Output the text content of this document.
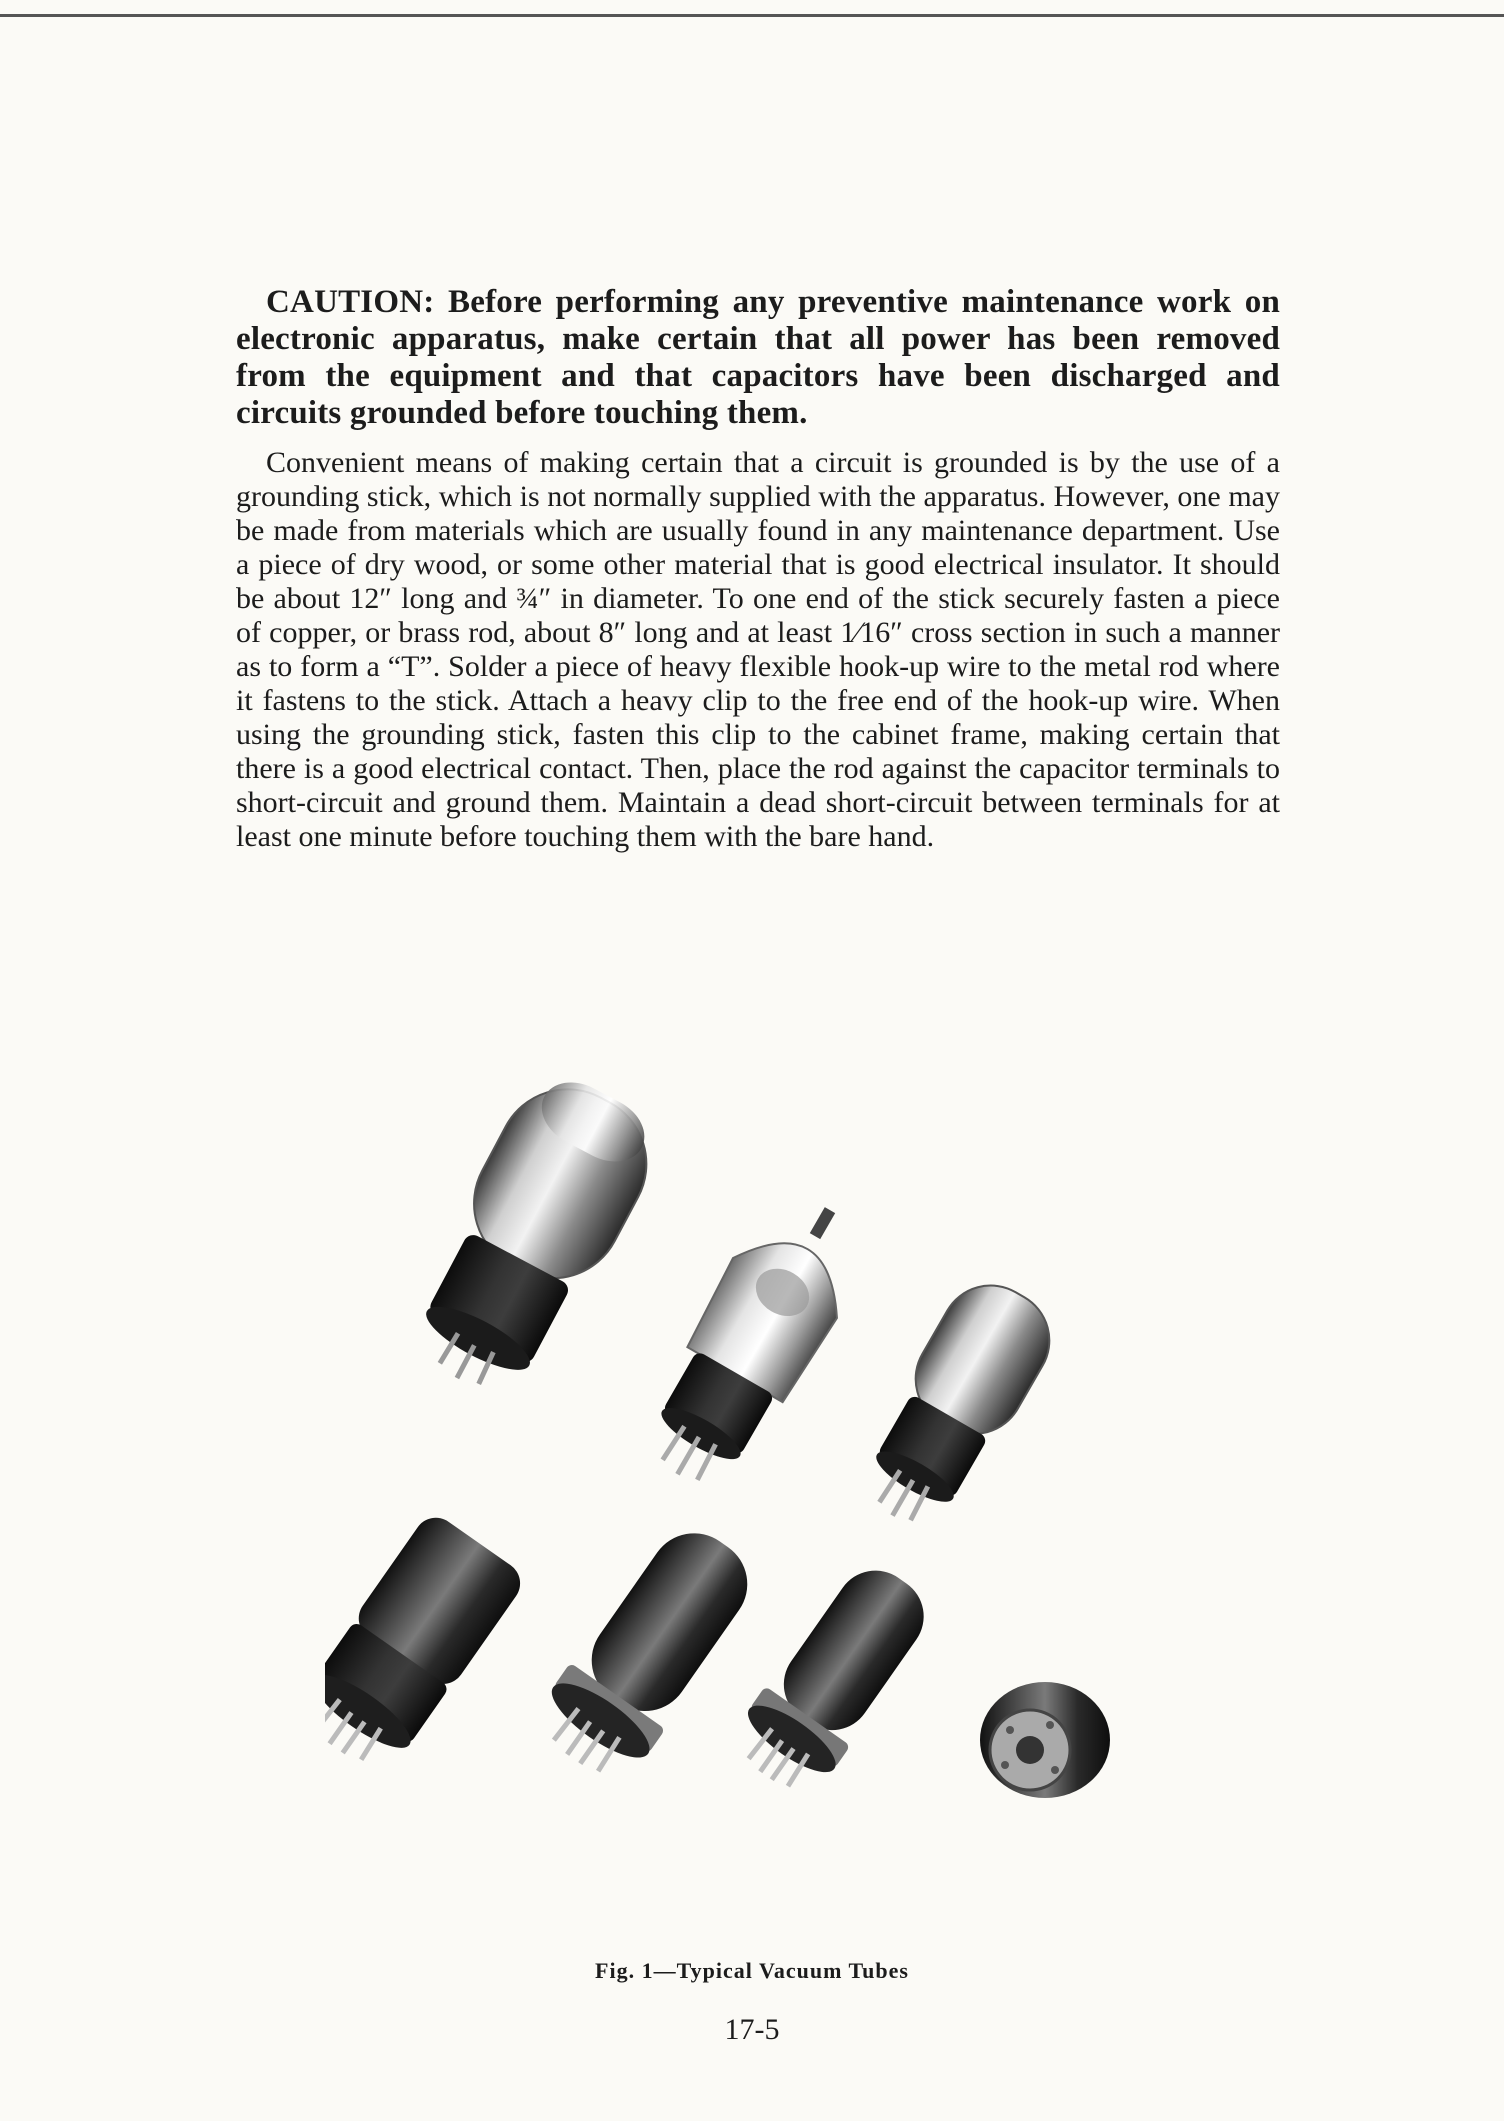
CAUTION: Before performing any preventive maintenance work on electronic apparatus, make certain that all power has been removed from the equipment and that capacitors have been discharged and circuits grounded before touching them.

Convenient means of making certain that a circuit is grounded is by the use of a grounding stick, which is not normally supplied with the apparatus. However, one may be made from materials which are usually found in any maintenance department. Use a piece of dry wood, or some other material that is good electrical insulator. It should be about 12″ long and ¾″ in diameter. To one end of the stick securely fasten a piece of copper, or brass rod, about 8″ long and at least 1⁄16″ cross section in such a manner as to form a “T”. Solder a piece of heavy flexible hook-up wire to the metal rod where it fastens to the stick. Attach a heavy clip to the free end of the hook-up wire. When using the grounding stick, fasten this clip to the cabinet frame, making certain that there is a good electrical contact. Then, place the rod against the capacitor terminals to short-circuit and ground them. Maintain a dead short-circuit between terminals for at least one minute before touching them with the bare hand.

Fig. 1—Typical Vacuum Tubes
17-5
